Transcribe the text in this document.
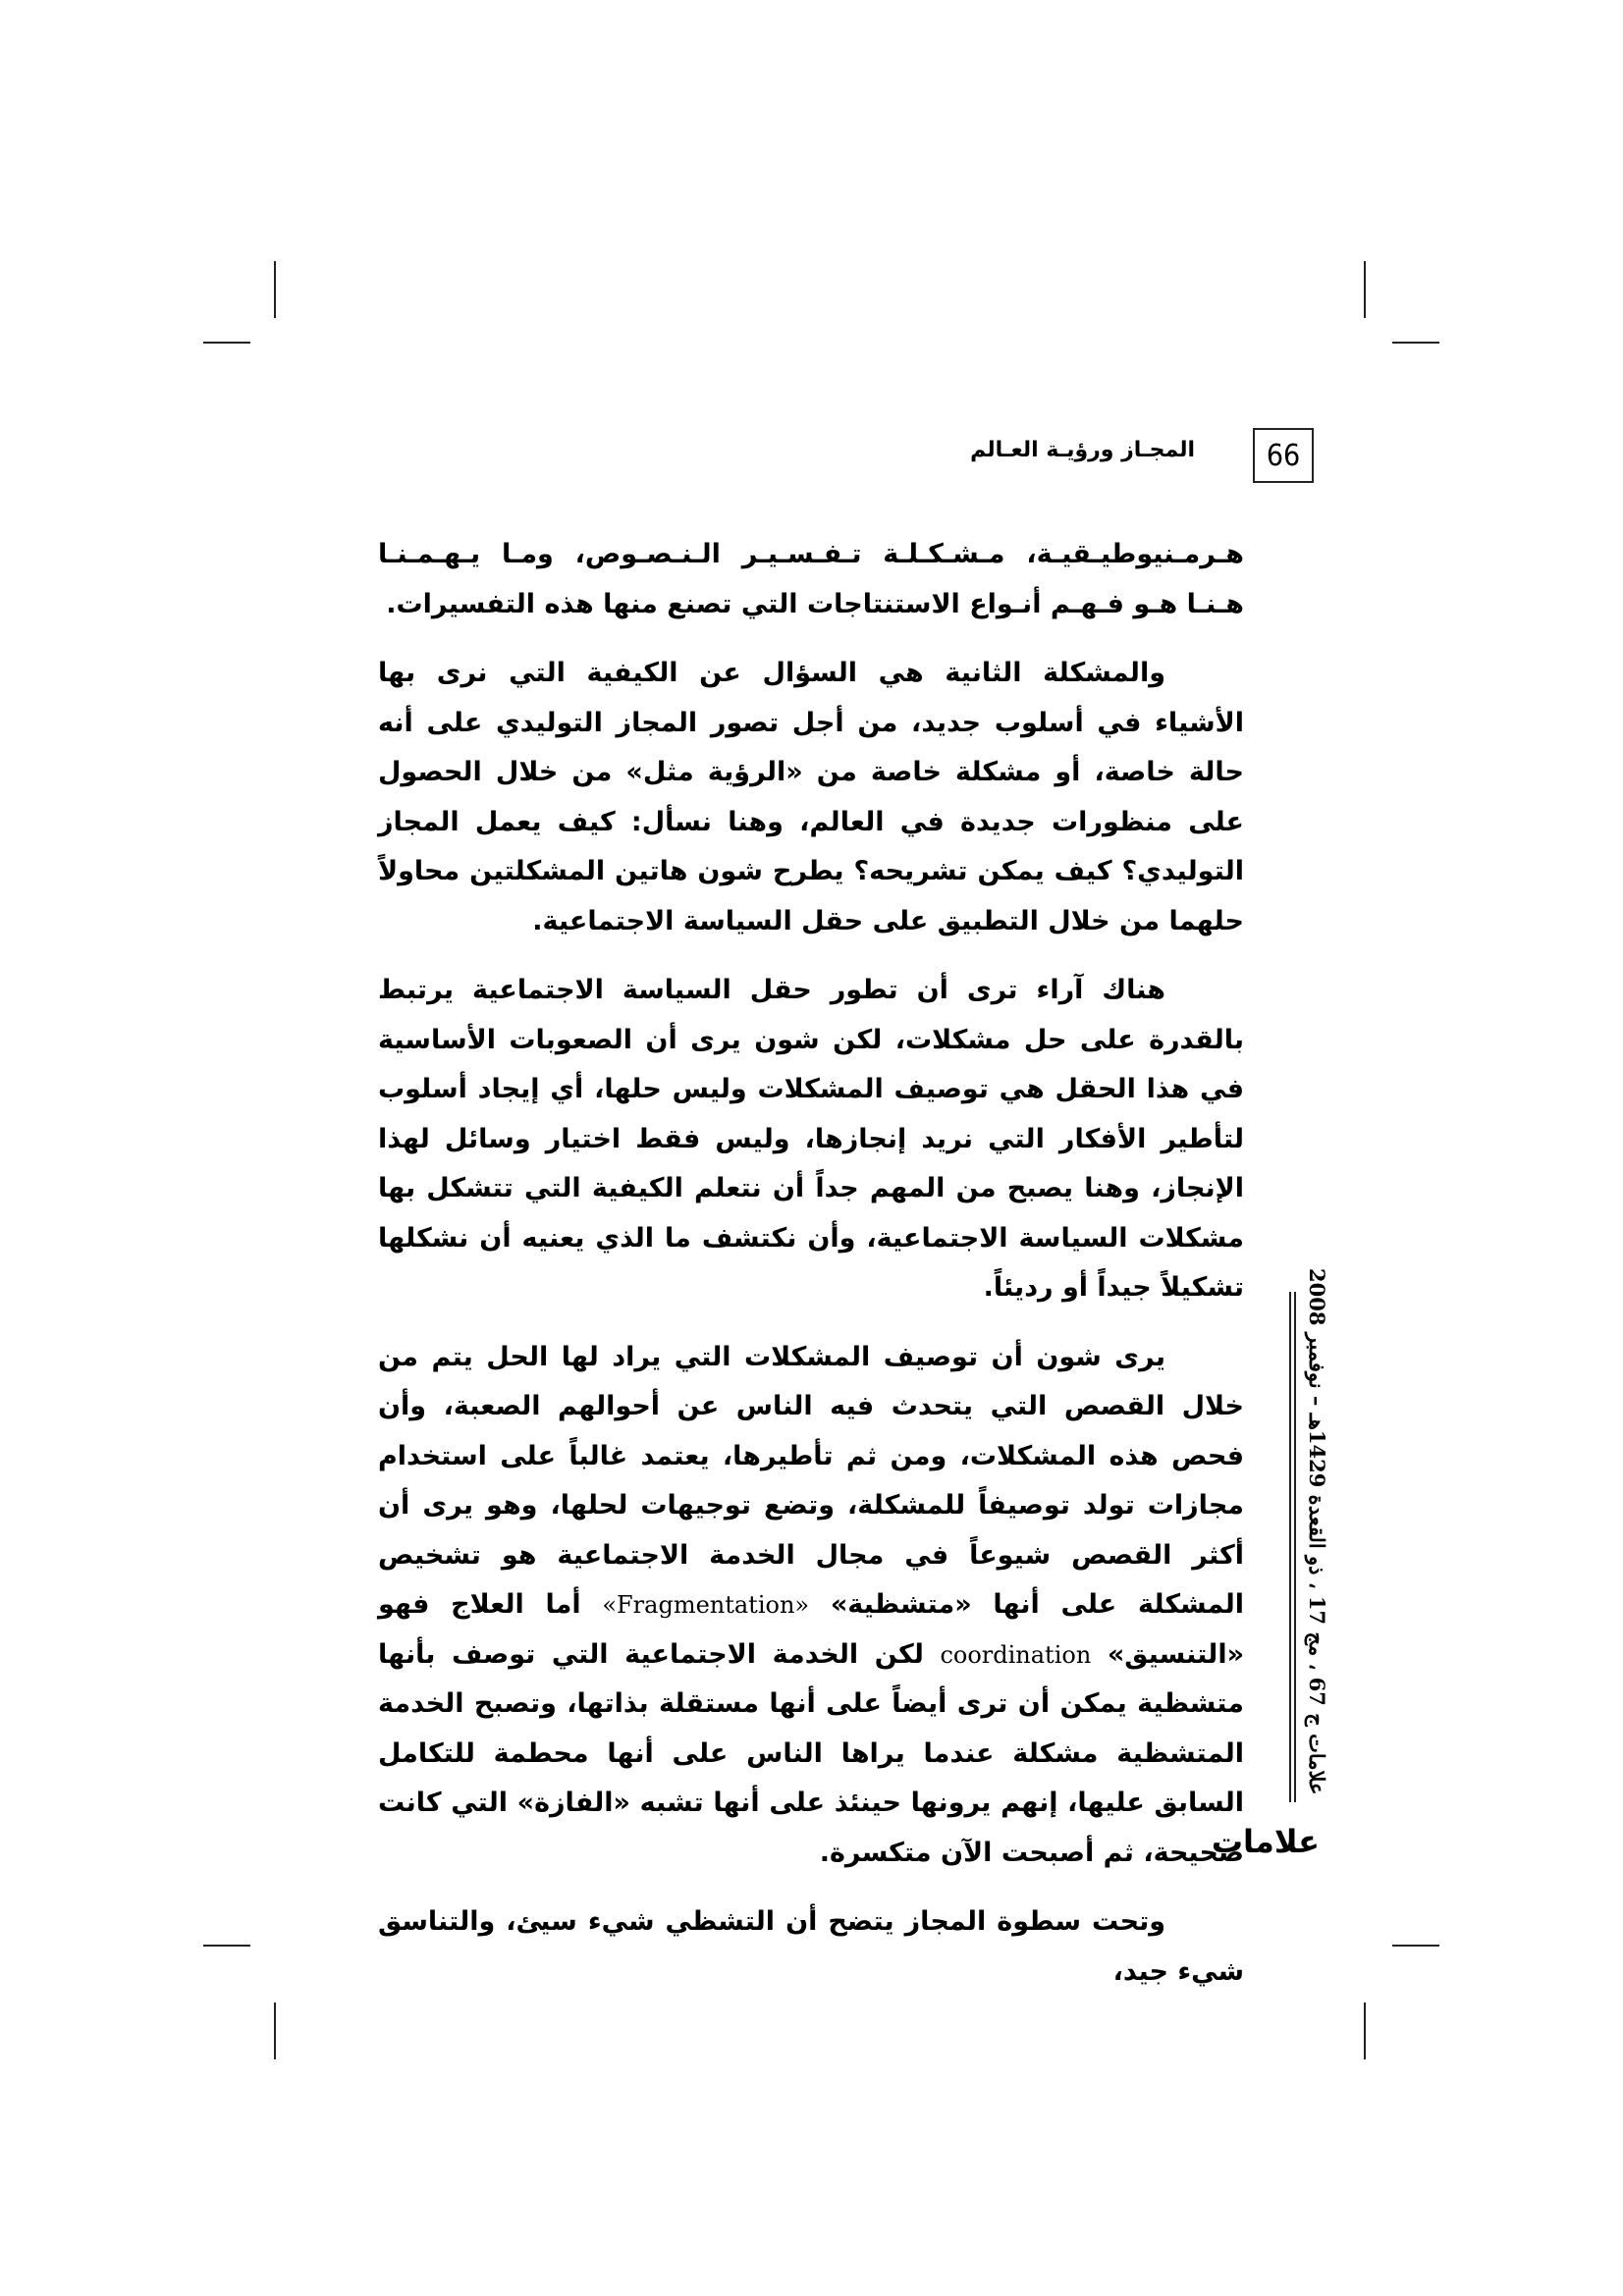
66
المجـاز ورؤيـة العـالم

هـرمـنيوطيـقيـة، مـشـكـلـة تـفـسـيـر الـنـصـوص، ومـا يـهـمـنـا هـنـا هـو فـهـم أنـواع الاستنتاجات التي تصنع منها هذه التفسيرات.

والمشكلة الثانية هي السؤال عن الكيفية التي نرى بها الأشياء في أسلوب جديد، من أجل تصور المجاز التوليدي على أنه حالة خاصة، أو مشكلة خاصة من «الرؤية مثل» من خلال الحصول على منظورات جديدة في العالم، وهنا نسأل: كيف يعمل المجاز التوليدي؟ كيف يمكن تشريحه؟ يطرح شون هاتين المشكلتين محاولاً حلهما من خلال التطبيق على حقل السياسة الاجتماعية.

هناك آراء ترى أن تطور حقل السياسة الاجتماعية يرتبط بالقدرة على حل مشكلات، لكن شون يرى أن الصعوبات الأساسية في هذا الحقل هي توصيف المشكلات وليس حلها، أي إيجاد أسلوب لتأطير الأفكار التي نريد إنجازها، وليس فقط اختيار وسائل لهذا الإنجاز، وهنا يصبح من المهم جداً أن نتعلم الكيفية التي تتشكل بها مشكلات السياسة الاجتماعية، وأن نكتشف ما الذي يعنيه أن نشكلها تشكيلاً جيداً أو رديئاً.

يرى شون أن توصيف المشكلات التي يراد لها الحل يتم من خلال القصص التي يتحدث فيه الناس عن أحوالهم الصعبة، وأن فحص هذه المشكلات، ومن ثم تأطيرها، يعتمد غالباً على استخدام مجازات تولد توصيفاً للمشكلة، وتضع توجيهات لحلها، وهو يرى أن أكثر القصص شيوعاً في مجال الخدمة الاجتماعية هو تشخيص المشكلة على أنها «متشظية» «Fragmentation» أما العلاج فهو «التنسيق» coordination لكن الخدمة الاجتماعية التي توصف بأنها متشظية يمكن أن ترى أيضاً على أنها مستقلة بذاتها، وتصبح الخدمة المتشظية مشكلة عندما يراها الناس على أنها محطمة للتكامل السابق عليها، إنهم يرونها حينئذ على أنها تشبه «الفازة» التي كانت صحيحة، ثم أصبحت الآن متكسرة.

وتحت سطوة المجاز يتضح أن التشظي شيء سيئ، والتناسق شيء جيد،

علامات ج 67 ، مج 17 ، ذو القعدة 1429هـ – نوفمبر 2008
علامات
